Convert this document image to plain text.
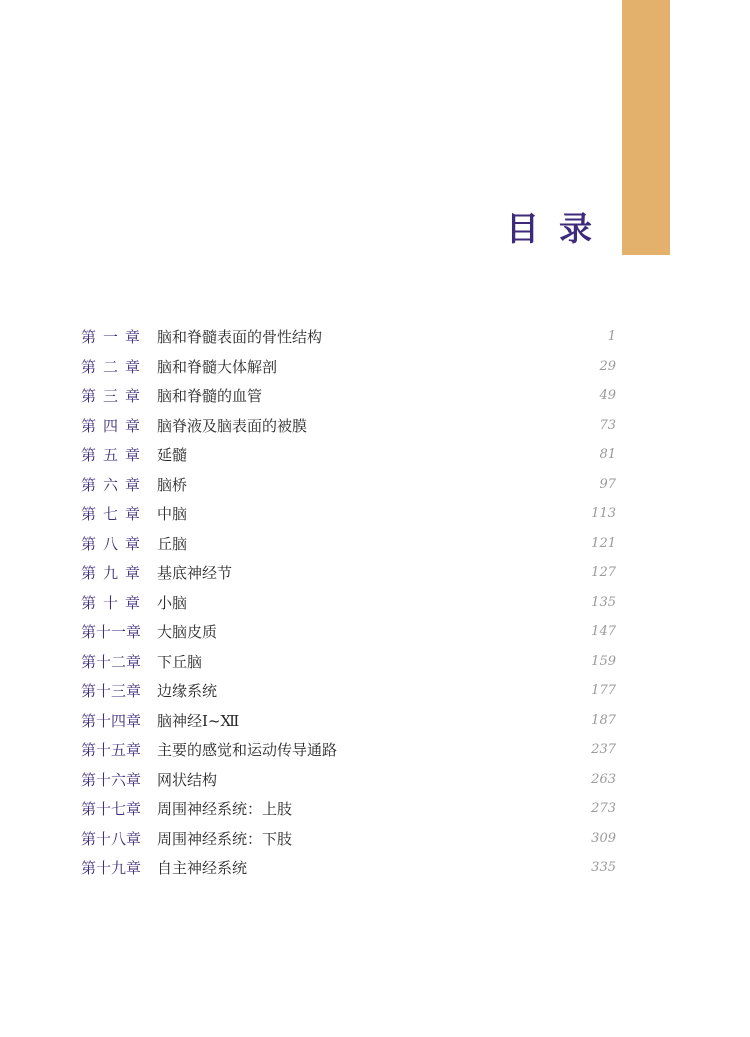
目录
第一章 脑和脊髓表面的骨性结构	1
第二章 脑和脊髓大体解剖	29
第三章 脑和脊髓的血管	49
第四章 脑脊液及脑表面的被膜	73
第五章 延髓	81
第六章 脑桥	97
第七章 中脑	113
第八章 丘脑	121
第九章 基底神经节	127
第十章 小脑	135
第十一章	大脑皮质	147
第十二章	下丘脑	159
第十三章	边缘系统	177
第十四章	脑神经Ⅰ~Ⅻ	187
第十五章	主要的感觉和运动传导通路	237
第十六章	网状结构	263
第十七章	周围神经系统：上肢	273
第十八章	周围神经系统：下肢	309
第十九章	自主神经系统	335
